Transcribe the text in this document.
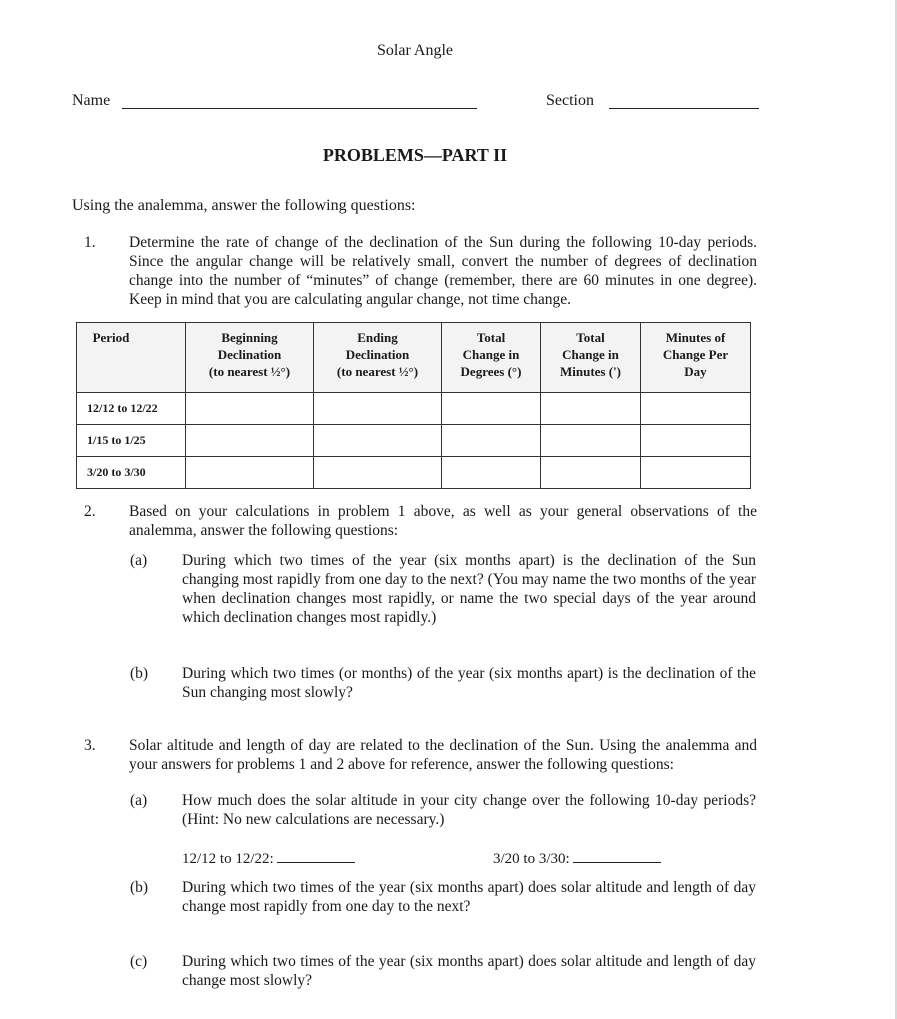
Solar Angle
Name	Section
PROBLEMS—PART II
Using the analemma, answer the following questions:
1. Determine the rate of change of the declination of the Sun during the following 10-day periods. Since the angular change will be relatively small, convert the number of degrees of declination change into the number of “minutes” of change (remember, there are 60 minutes in one degree). Keep in mind that you are calculating angular change, not time change.
Period	Beginning
Declination
(to nearest ½°)	Ending
Declination
(to nearest ½°)	Total
Change in
Degrees (°)	Total
Change in
Minutes (')	Minutes of
Change Per
Day
12/12 to 12/22					
1/15 to 1/25					
3/20 to 3/30					
2. Based on your calculations in problem 1 above, as well as your general observations of the analemma, answer the following questions:
(a) During which two times of the year (six months apart) is the declination of the Sun changing most rapidly from one day to the next? (You may name the two months of the year when declination changes most rapidly, or name the two special days of the year around which declination changes most rapidly.)
(b) During which two times (or months) of the year (six months apart) is the declination of the Sun changing most slowly?
3. Solar altitude and length of day are related to the declination of the Sun. Using the analemma and your answers for problems 1 and 2 above for reference, answer the following questions:
(a) How much does the solar altitude in your city change over the following 10-day periods? (Hint: No new calculations are necessary.)
12/12 to 12/22:	3/20 to 3/30:
(b) During which two times of the year (six months apart) does solar altitude and length of day change most rapidly from one day to the next?
(c) During which two times of the year (six months apart) does solar altitude and length of day change most slowly?
